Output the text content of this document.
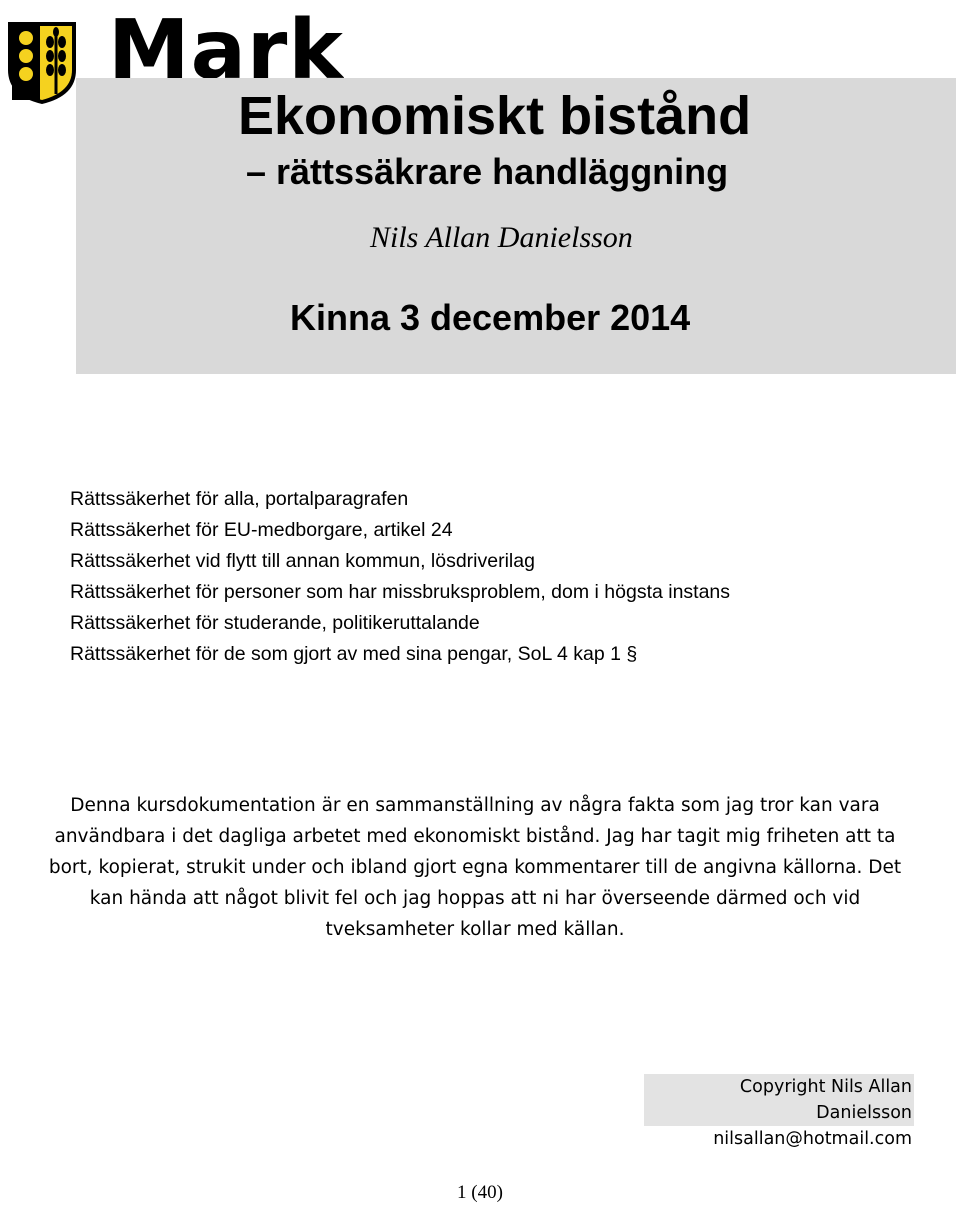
Mark
Ekonomiskt bistånd
– rättssäkrare handläggning
Nils Allan Danielsson
Kinna 3 december 2014
Rättssäkerhet för alla, portalparagrafen
Rättssäkerhet för EU-medborgare, artikel 24
Rättssäkerhet vid flytt till annan kommun, lösdriverilag
Rättssäkerhet för personer som har missbruksproblem, dom i högsta instans
Rättssäkerhet för studerande, politikeruttalande
Rättssäkerhet för de som gjort av med sina pengar, SoL 4 kap 1 §

Denna kursdokumentation är en sammanställning av några fakta som jag tror kan vara användbara i det dagliga arbetet med ekonomiskt bistånd. Jag har tagit mig friheten att ta bort, kopierat, strukit under och ibland gjort egna kommentarer till de angivna källorna. Det kan hända att något blivit fel och jag hoppas att ni har överseende därmed och vid tveksamheter kollar med källan.

Copyright Nils Allan Danielsson
nilsallan@hotmail.com
1 (40)
